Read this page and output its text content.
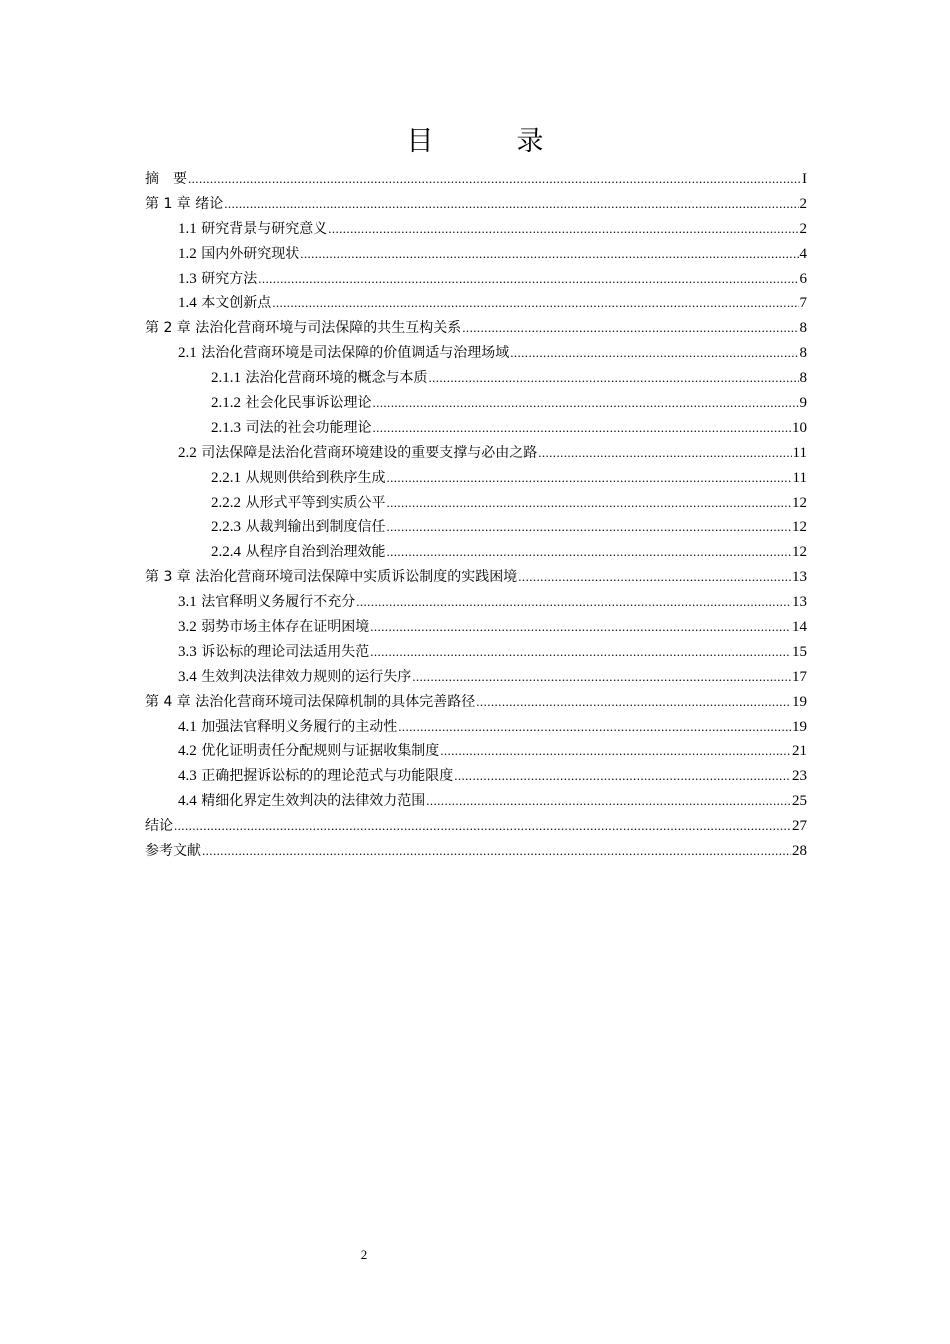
目　录
摘　要 .....	I
第 1 章 绪论 .....	2
1.1 研究背景与研究意义 .....	2
1.2 国内外研究现状 .....	4
1.3 研究方法 .....	6
1.4 本文创新点 .....	7
第 2 章 法治化营商环境与司法保障的共生互构关系 .....	8
2.1 法治化营商环境是司法保障的价值调适与治理场域 .....	8
2.1.1 法治化营商环境的概念与本质 .....	8
2.1.2 社会化民事诉讼理论 .....	9
2.1.3 司法的社会功能理论 .....	10
2.2 司法保障是法治化营商环境建设的重要支撑与必由之路 .....	11
2.2.1 从规则供给到秩序生成 .....	11
2.2.2 从形式平等到实质公平 .....	12
2.2.3 从裁判输出到制度信任 .....	12
2.2.4 从程序自治到治理效能 .....	12
第 3 章 法治化营商环境司法保障中实质诉讼制度的实践困境 .....	13
3.1 法官释明义务履行不充分 .....	13
3.2 弱势市场主体存在证明困境 .....	14
3.3 诉讼标的理论司法适用失范 .....	15
3.4 生效判决法律效力规则的运行失序 .....	17
第 4 章 法治化营商环境司法保障机制的具体完善路径 .....	19
4.1 加强法官释明义务履行的主动性 .....	19
4.2 优化证明责任分配规则与证据收集制度 .....	21
4.3 正确把握诉讼标的的理论范式与功能限度 .....	23
4.4 精细化界定生效判决的法律效力范围 .....	25
结论 .....	27
参考文献 .....	28
2
